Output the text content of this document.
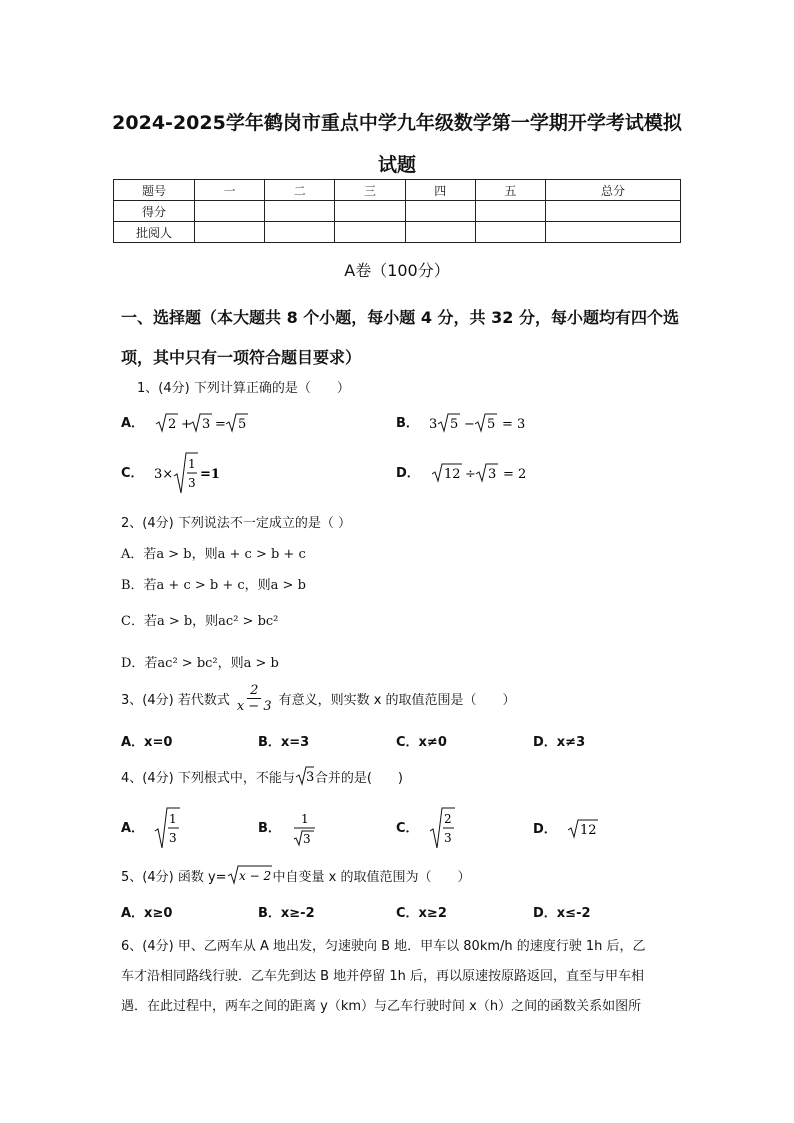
2024-2025学年鹤岗市重点中学九年级数学第一学期开学考试模拟
试题
题号	一	二	三	四	五	总分
得分						
批阅人						
A卷（100分）
一、选择题（本大题共 8 个小题，每小题 4 分，共 32 分，每小题均有四个选项，其中只有一项符合题目要求）
1、(4分) 下列计算正确的是（　　）
A． 2 + 3 = 5	B． 3 5 − 5 = 3
C． 3×
1
3
=1	D． 12 ÷ 3 = 2
2、(4分) 下列说法不一定成立的是（ ）
A．若a > b，则a + c > b + c
B．若a + c > b + c，则a > b
C．若a > b，则ac² > bc²
D．若ac² > bc²，则a > b
3、(4分) 若代数式 $\frac{2}{x - 3}$ 有意义，则实数 x 的取值范围是（　　）
A．x=0	B．x=3	C．x≠0	D．x≠3
4、(4分) 下列根式中，不能与 3 合并的是(　　)
A．
1
3
B．
1
3
C．
2
3
D． 12
5、(4分) 函数 y= x − 2 中自变量 x 的取值范围为（　　）
A．x≥0	B．x≥-2	C．x≥2	D．x≤-2
6、(4分) 甲、乙两车从 A 地出发，匀速驶向 B 地．甲车以 80km/h 的速度行驶 1h 后，乙
车才沿相同路线行驶．乙车先到达 B 地并停留 1h 后，再以原速按原路返回，直至与甲车相
遇．在此过程中，两车之间的距离 y（km）与乙车行驶时间 x（h）之间的函数关系如图所
